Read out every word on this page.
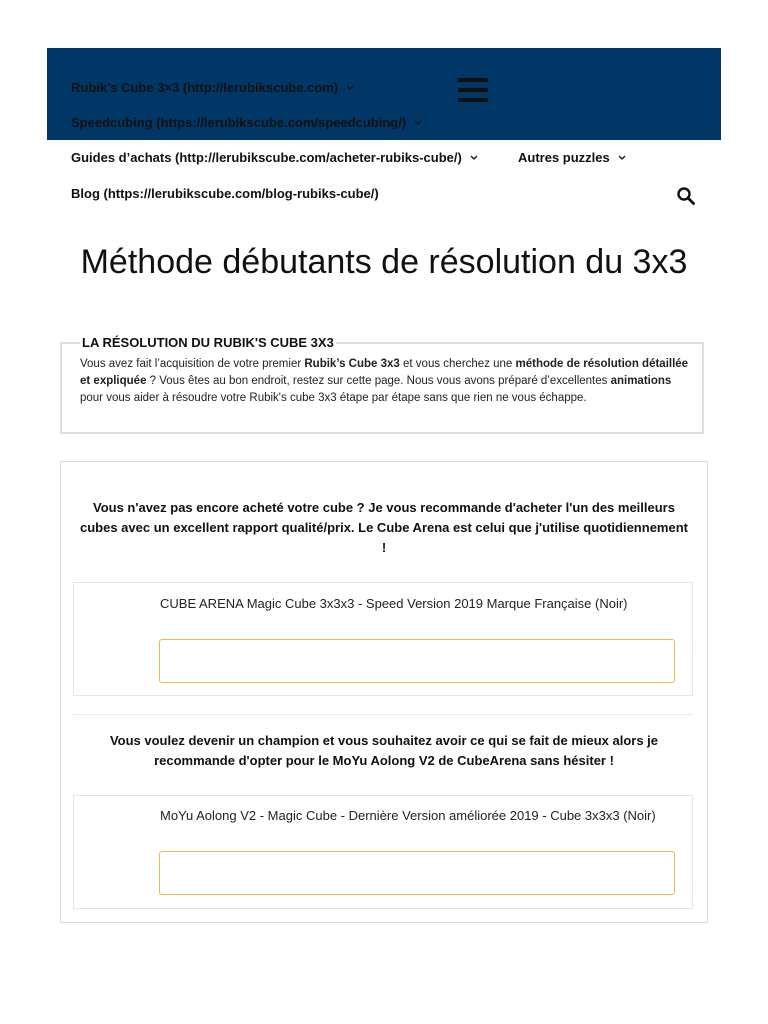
Rubik’s Cube 3×3 (http://lerubikscube.com)
Speedcubing (https://lerubikscube.com/speedcubing/)
Guides d’achats (http://lerubikscube.com/acheter-rubiks-cube/)	Autres puzzles
Blog (https://lerubikscube.com/blog-rubiks-cube/)
Méthode débutants de résolution du 3x3
LA RÉSOLUTION DU RUBIK'S CUBE 3X3

Vous avez fait l’acquisition de votre premier Rubik’s Cube 3x3 et vous cherchez une méthode de résolution détaillée et expliquée ? Vous êtes au bon endroit, restez sur cette page. Nous vous avons préparé d’excellentes animations pour vous aider à résoudre votre Rubik's cube 3x3 étape par étape sans que rien ne vous échappe.

Vous n'avez pas encore acheté votre cube ? Je vous recommande d'acheter l'un des meilleurs cubes avec un excellent rapport qualité/prix. Le Cube Arena est celui que j'utilise quotidiennement !

CUBE ARENA Magic Cube 3x3x3 - Speed Version 2019 Marque Française (Noir)

Vous voulez devenir un champion et vous souhaitez avoir ce qui se fait de mieux alors je recommande d'opter pour le MoYu Aolong V2 de CubeArena sans hésiter !

MoYu Aolong V2 - Magic Cube - Dernière Version améliorée 2019 - Cube 3x3x3 (Noir)
